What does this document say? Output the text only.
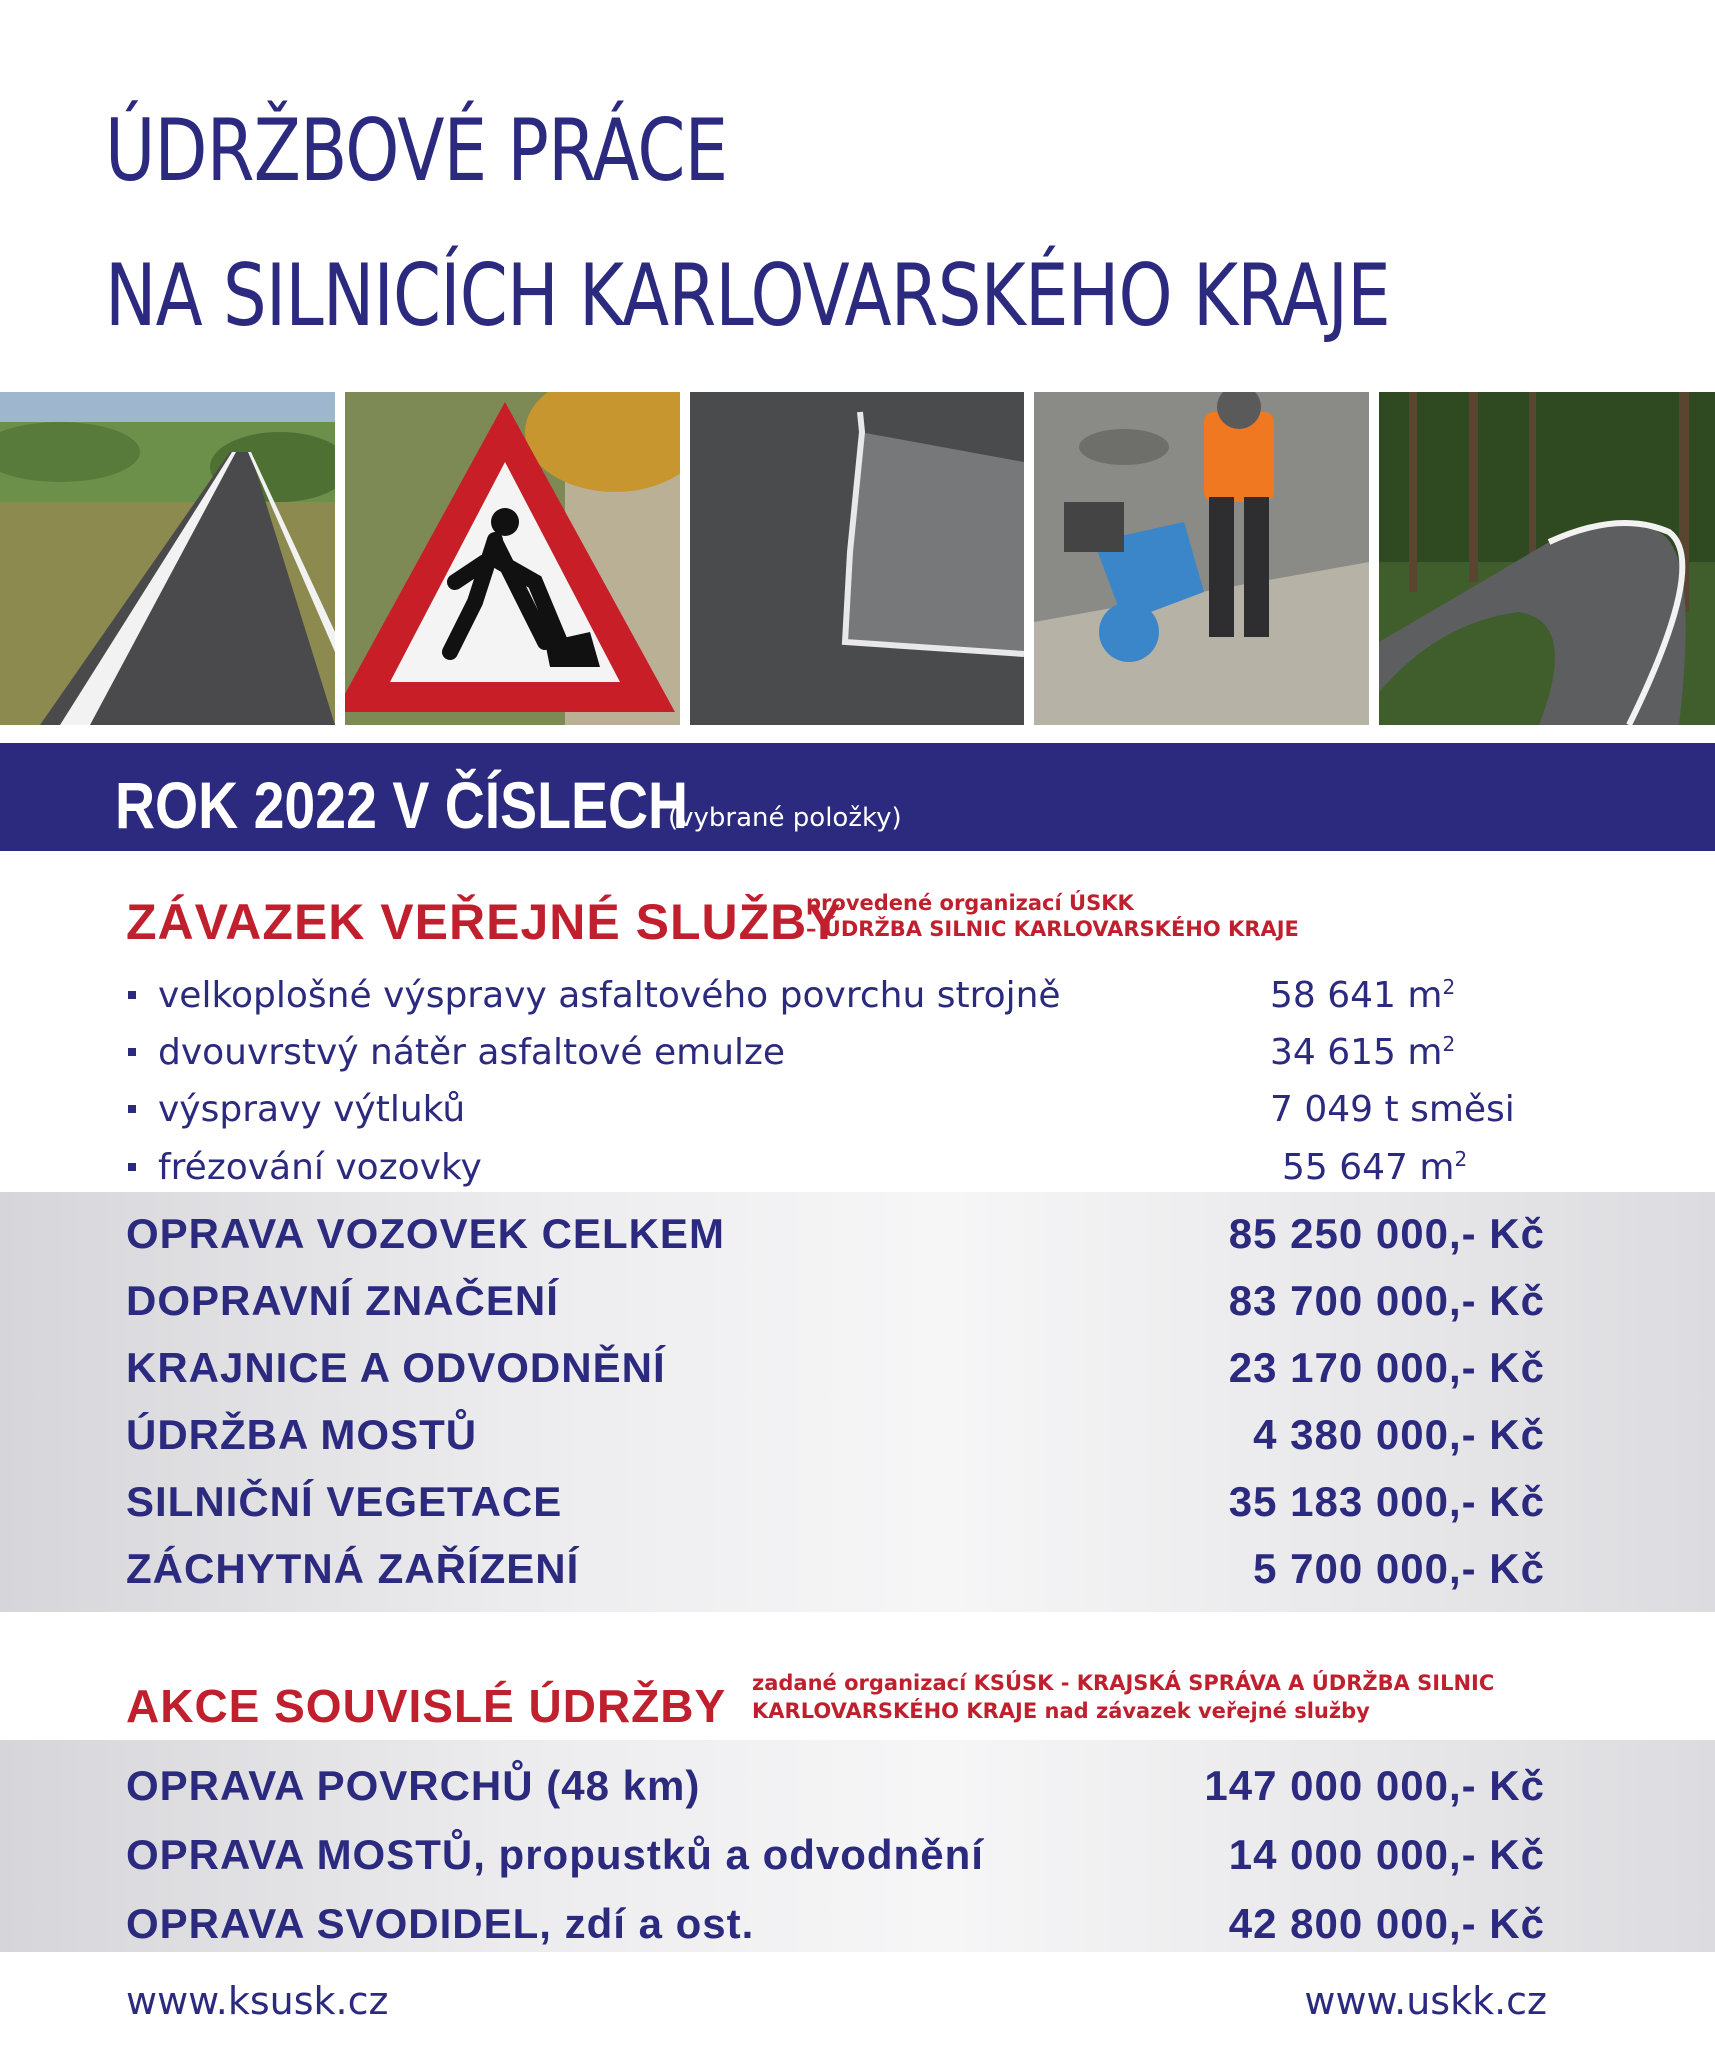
ÚDRŽBOVÉ PRÁCE
NA SILNICÍCH KARLOVARSKÉHO KRAJE
ROK 2022 V ČÍSLECH
(vybrané položky)
ZÁVAZEK VEŘEJNÉ SLUŽBY
provedené organizací ÚSKK
– ÚDRŽBA SILNIC KARLOVARSKÉHO KRAJE
velkoplošné výspravy asfaltového povrchu strojně	58 641 $m^2$
dvouvrstvý nátěr asfaltové emulze	34 615 $m^2$
výspravy výtluků	7 049 t směsi
frézování vozovky	55 647 $m^2$
OPRAVA VOZOVEK CELKEM	85 250 000,- Kč
DOPRAVNÍ ZNAČENÍ	83 700 000,- Kč
KRAJNICE A ODVODNĚNÍ	23 170 000,- Kč
ÚDRŽBA MOSTŮ	4 380 000,- Kč
SILNIČNÍ VEGETACE	35 183 000,- Kč
ZÁCHYTNÁ ZAŘÍZENÍ	5 700 000,- Kč
AKCE SOUVISLÉ ÚDRŽBY zadané organizací KSÚSK - KRAJSKÁ SPRÁVA A ÚDRŽBA SILNIC
KARLOVARSKÉHO KRAJE nad závazek veřejné služby
OPRAVA POVRCHŮ (48 km)	147 000 000,- Kč
OPRAVA MOSTŮ, propustků a odvodnění	14 000 000,- Kč
OPRAVA SVODIDEL, zdí a ost.	42 800 000,- Kč
www.ksusk.cz	www.uskk.cz
